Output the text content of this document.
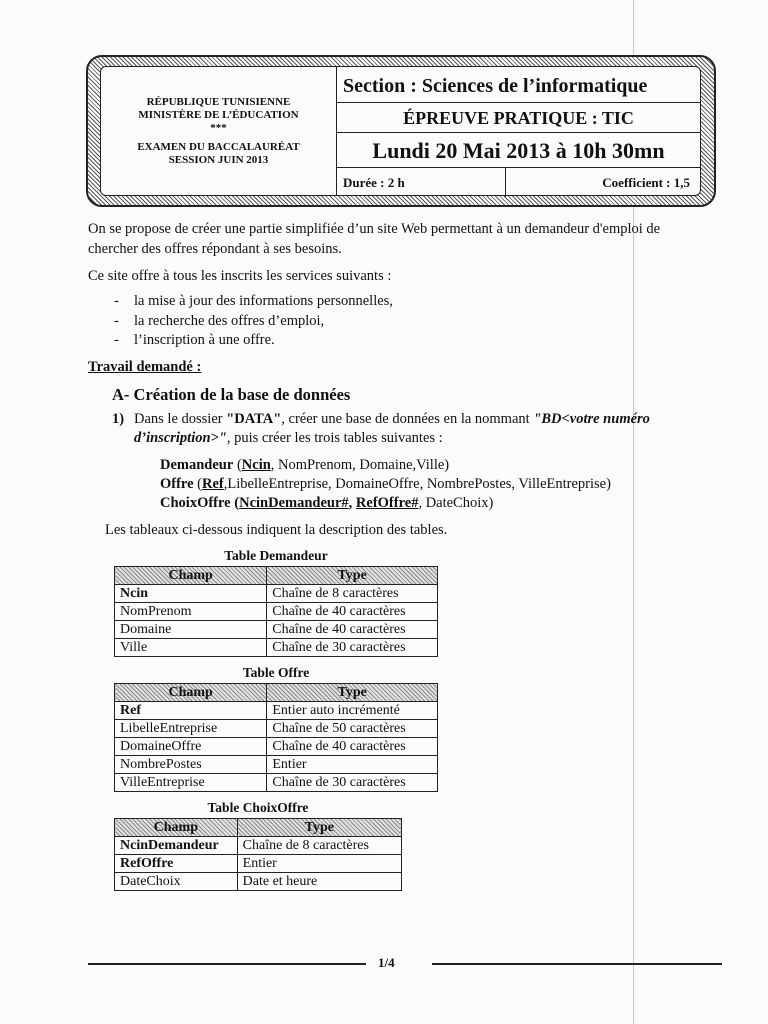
RÉPUBLIQUE TUNISIENNE
MINISTÈRE DE L’ÉDUCATION
***
EXAMEN DU BACCALAURÉAT
SESSION JUIN 2013
Section : Sciences de l’informatique
ÉPREUVE PRATIQUE : TIC
Lundi 20 Mai 2013 à 10h 30mn
Durée : 2 h	Coefficient : 1,5
On se propose de créer une partie simplifiée d’un site Web permettant à un demandeur d'emploi de
chercher des offres répondant à ses besoins.
Ce site offre à tous les inscrits les services suivants :
- la mise à jour des informations personnelles,
- la recherche des offres d’emploi,
- l’inscription à une offre.
Travail demandé :
A- Création de la base de données
1) Dans le dossier "DATA", créer une base de données en la nommant "BD<votre numéro
d’inscription>", puis créer les trois tables suivantes :
Demandeur (Ncin, NomPrenom, Domaine,Ville)
Offre (Ref,LibelleEntreprise, DomaineOffre, NombrePostes, VilleEntreprise)
ChoixOffre (NcinDemandeur#, RefOffre#, DateChoix)
Les tableaux ci-dessous indiquent la description des tables.
Table Demandeur
Champ	Type
Ncin	Chaîne de 8 caractères
NomPrenom	Chaîne de 40 caractères
Domaine	Chaîne de 40 caractères
Ville	Chaîne de 30 caractères
Table Offre
Champ	Type
Ref	Entier auto incrémenté
LibelleEntreprise	Chaîne de 50 caractères
DomaineOffre	Chaîne de 40 caractères
NombrePostes	Entier
VilleEntreprise	Chaîne de 30 caractères
Table ChoixOffre
Champ	Type
NcinDemandeur	Chaîne de 8 caractères
RefOffre	Entier
DateChoix	Date et heure
1/4
